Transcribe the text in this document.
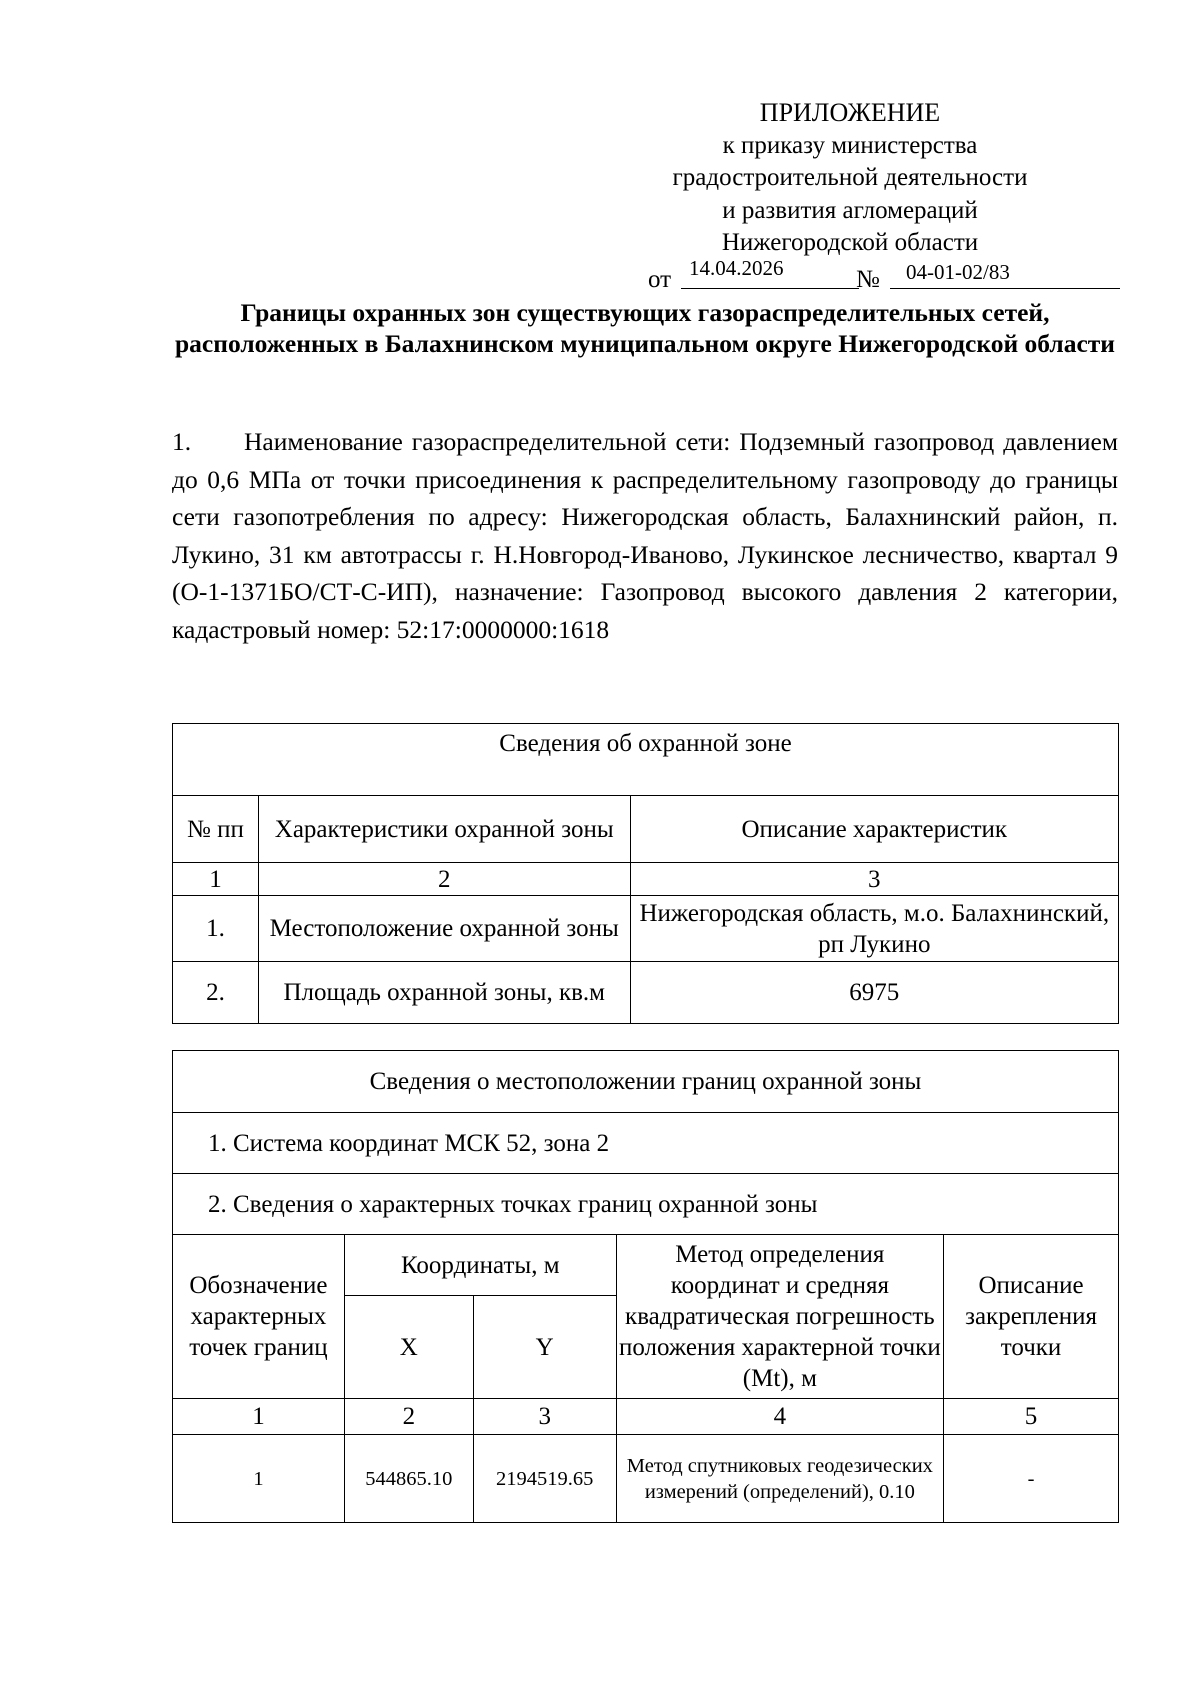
ПРИЛОЖЕНИЕ
к приказу министерства
градостроительной деятельности
и развития агломераций
Нижегородской области
от 14.04.2026	№	04-01-02/83
Границы охранных зон существующих газораспределительных сетей, расположенных в Балахнинском муниципальном округе Нижегородской области
1. Наименование газораспределительной сети: Подземный газопровод давлением до 0,6 МПа от точки присоединения к распределительному газопроводу до границы сети газопотребления по адресу: Нижегородская область, Балахнинский район, п. Лукино, 31 км автотрассы г. Н.Новгород-Иваново, Лукинское лесничество, квартал 9 (О-1-1371БО/СТ-С-ИП), назначение: Газопровод высокого давления 2 категории, кадастровый номер: 52:17:0000000:1618
Сведения об охранной зоне		
№ пп	Характеристики охранной зоны	Описание характеристик
1	2	3
1.	Местоположение охранной зоны	Нижегородская область, м.о. Балахнинский, рп Лукино
2.	Площадь охранной зоны, кв.м	6975
Сведения о местоположении границ охранной зоны				
1. Система координат МСК 52, зона 2				
2. Сведения о характерных точках границ охранной зоны				
Обозначение характерных точек границ	Координаты, м		Метод определения координат и средняя квадратическая погрешность положения характерной точки (Mt), м	Описание закрепления точки
	X	Y		
1	2	3	4	5
1	544865.10	2194519.65	Метод спутниковых геодезических измерений (определений), 0.10	-
